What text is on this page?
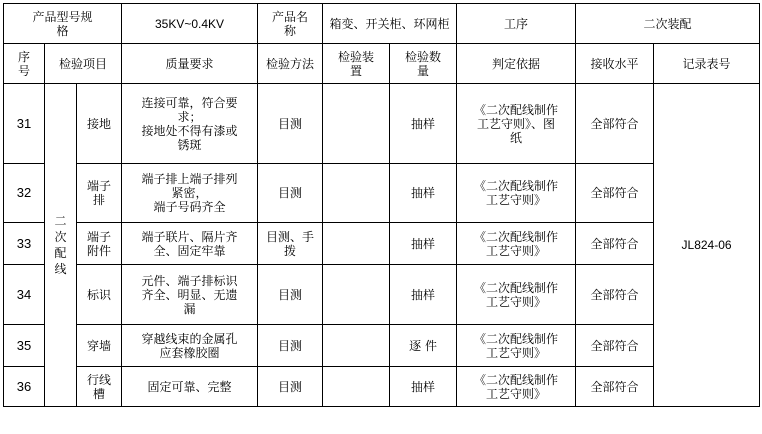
产品型号规
格			35KV~0.4KV	产品名
称	箱变、开关柜、环网柜		工序	二次装配	
序
号	检验项目		质量要求	检验方法	检验装
置	检验数
量	判定依据	接收水平	记录表号
31	二
次
配
线	接地	连接可靠，符合要
求；
接地处不得有漆或
锈斑	目测		抽样	《二次配线制作
工艺守则》、图
纸	全部符合	JL824-06
32		端子
排	端子排上端子排列
紧密，
端子号码齐全	目测		抽样	《二次配线制作
工艺守则》	全部符合	
33		端子
附件	端子联片、隔片齐
全、固定牢靠	目测、手
拨		抽样	《二次配线制作
工艺守则》	全部符合	
34		标识	元件、端子排标识
齐全、明显、无遗
漏	目测		抽样	《二次配线制作
工艺守则》	全部符合	
35		穿墙	穿越线束的金属孔
应套橡胶圈	目测		逐 件	《二次配线制作
工艺守则》	全部符合	
36		行线
槽	固定可靠、完整	目测		抽样	《二次配线制作
工艺守则》	全部符合	
